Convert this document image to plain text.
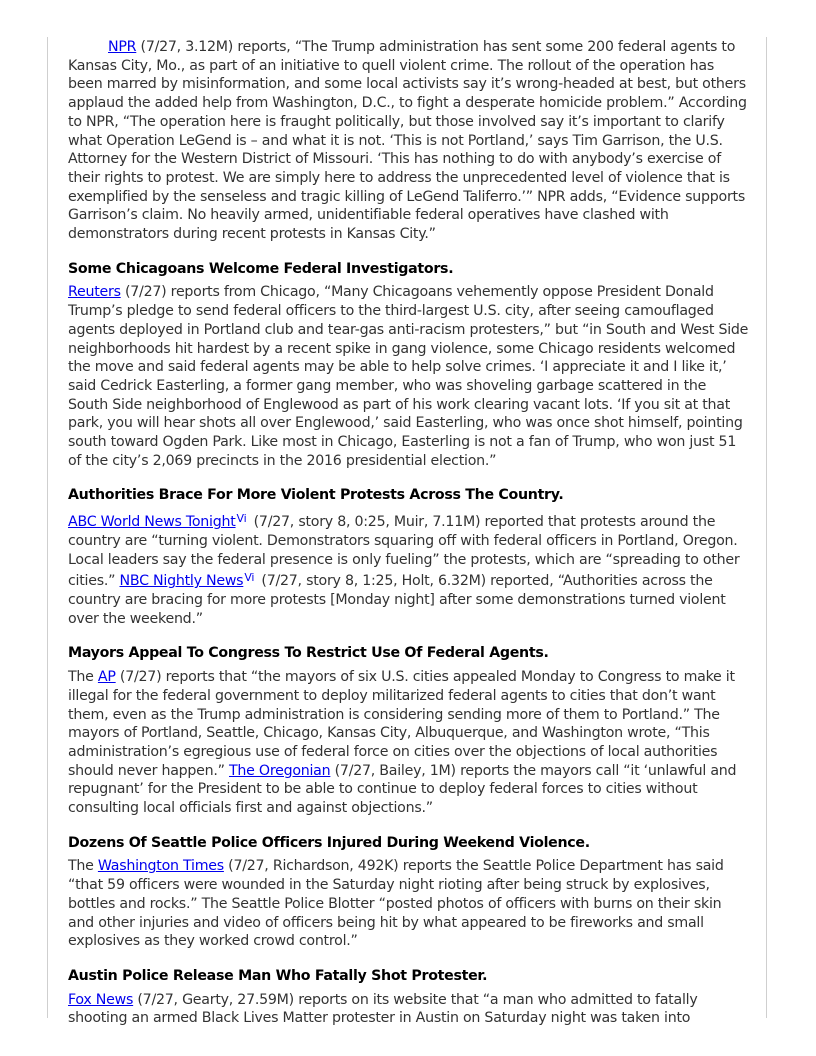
NPR (7/27, 3.12M) reports, “The Trump administration has sent some 200 federal agents to Kansas City, Mo., as part of an initiative to quell violent crime. The rollout of the operation has been marred by misinformation, and some local activists say it’s wrong-headed at best, but others applaud the added help from Washington, D.C., to fight a desperate homicide problem.” According to NPR, “The operation here is fraught politically, but those involved say it’s important to clarify what Operation LeGend is – and what it is not. ‘This is not Portland,’ says Tim Garrison, the U.S. Attorney for the Western District of Missouri. ‘This has nothing to do with anybody’s exercise of their rights to protest. We are simply here to address the unprecedented level of violence that is exemplified by the senseless and tragic killing of LeGend Taliferro.’” NPR adds, “Evidence supports Garrison’s claim. No heavily armed, unidentifiable federal operatives have clashed with demonstrators during recent protests in Kansas City.”

Some Chicagoans Welcome Federal Investigators.

Reuters (7/27) reports from Chicago, “Many Chicagoans vehemently oppose President Donald Trump’s pledge to send federal officers to the third-largest U.S. city, after seeing camouflaged agents deployed in Portland club and tear-gas anti-racism protesters,” but “in South and West Side neighborhoods hit hardest by a recent spike in gang violence, some Chicago residents welcomed the move and said federal agents may be able to help solve crimes. ‘I appreciate it and I like it,’ said Cedrick Easterling, a former gang member, who was shoveling garbage scattered in the South Side neighborhood of Englewood as part of his work clearing vacant lots. ‘If you sit at that park, you will hear shots all over Englewood,’ said Easterling, who was once shot himself, pointing south toward Ogden Park. Like most in Chicago, Easterling is not a fan of Trump, who won just 51 of the city’s 2,069 precincts in the 2016 presidential election.”

Authorities Brace For More Violent Protests Across The Country.

ABC World News Tonight$^{Vi}$ (7/27, story 8, 0:25, Muir, 7.11M) reported that protests around the country are “turning violent. Demonstrators squaring off with federal officers in Portland, Oregon. Local leaders say the federal presence is only fueling” the protests, which are “spreading to other cities.” NBC Nightly News$^{Vi}$ (7/27, story 8, 1:25, Holt, 6.32M) reported, “Authorities across the country are bracing for more protests [Monday night] after some demonstrations turned violent over the weekend.”

Mayors Appeal To Congress To Restrict Use Of Federal Agents.

The AP (7/27) reports that “the mayors of six U.S. cities appealed Monday to Congress to make it illegal for the federal government to deploy militarized federal agents to cities that don’t want them, even as the Trump administration is considering sending more of them to Portland.” The mayors of Portland, Seattle, Chicago, Kansas City, Albuquerque, and Washington wrote, “This administration’s egregious use of federal force on cities over the objections of local authorities should never happen.” The Oregonian (7/27, Bailey, 1M) reports the mayors call “it ‘unlawful and repugnant’ for the President to be able to continue to deploy federal forces to cities without consulting local officials first and against objections.”

Dozens Of Seattle Police Officers Injured During Weekend Violence.

The Washington Times (7/27, Richardson, 492K) reports the Seattle Police Department has said “that 59 officers were wounded in the Saturday night rioting after being struck by explosives, bottles and rocks.” The Seattle Police Blotter “posted photos of officers with burns on their skin and other injuries and video of officers being hit by what appeared to be fireworks and small explosives as they worked crowd control.”

Austin Police Release Man Who Fatally Shot Protester.

Fox News (7/27, Gearty, 27.59M) reports on its website that “a man who admitted to fatally shooting an armed Black Lives Matter protester in Austin on Saturday night was taken into
